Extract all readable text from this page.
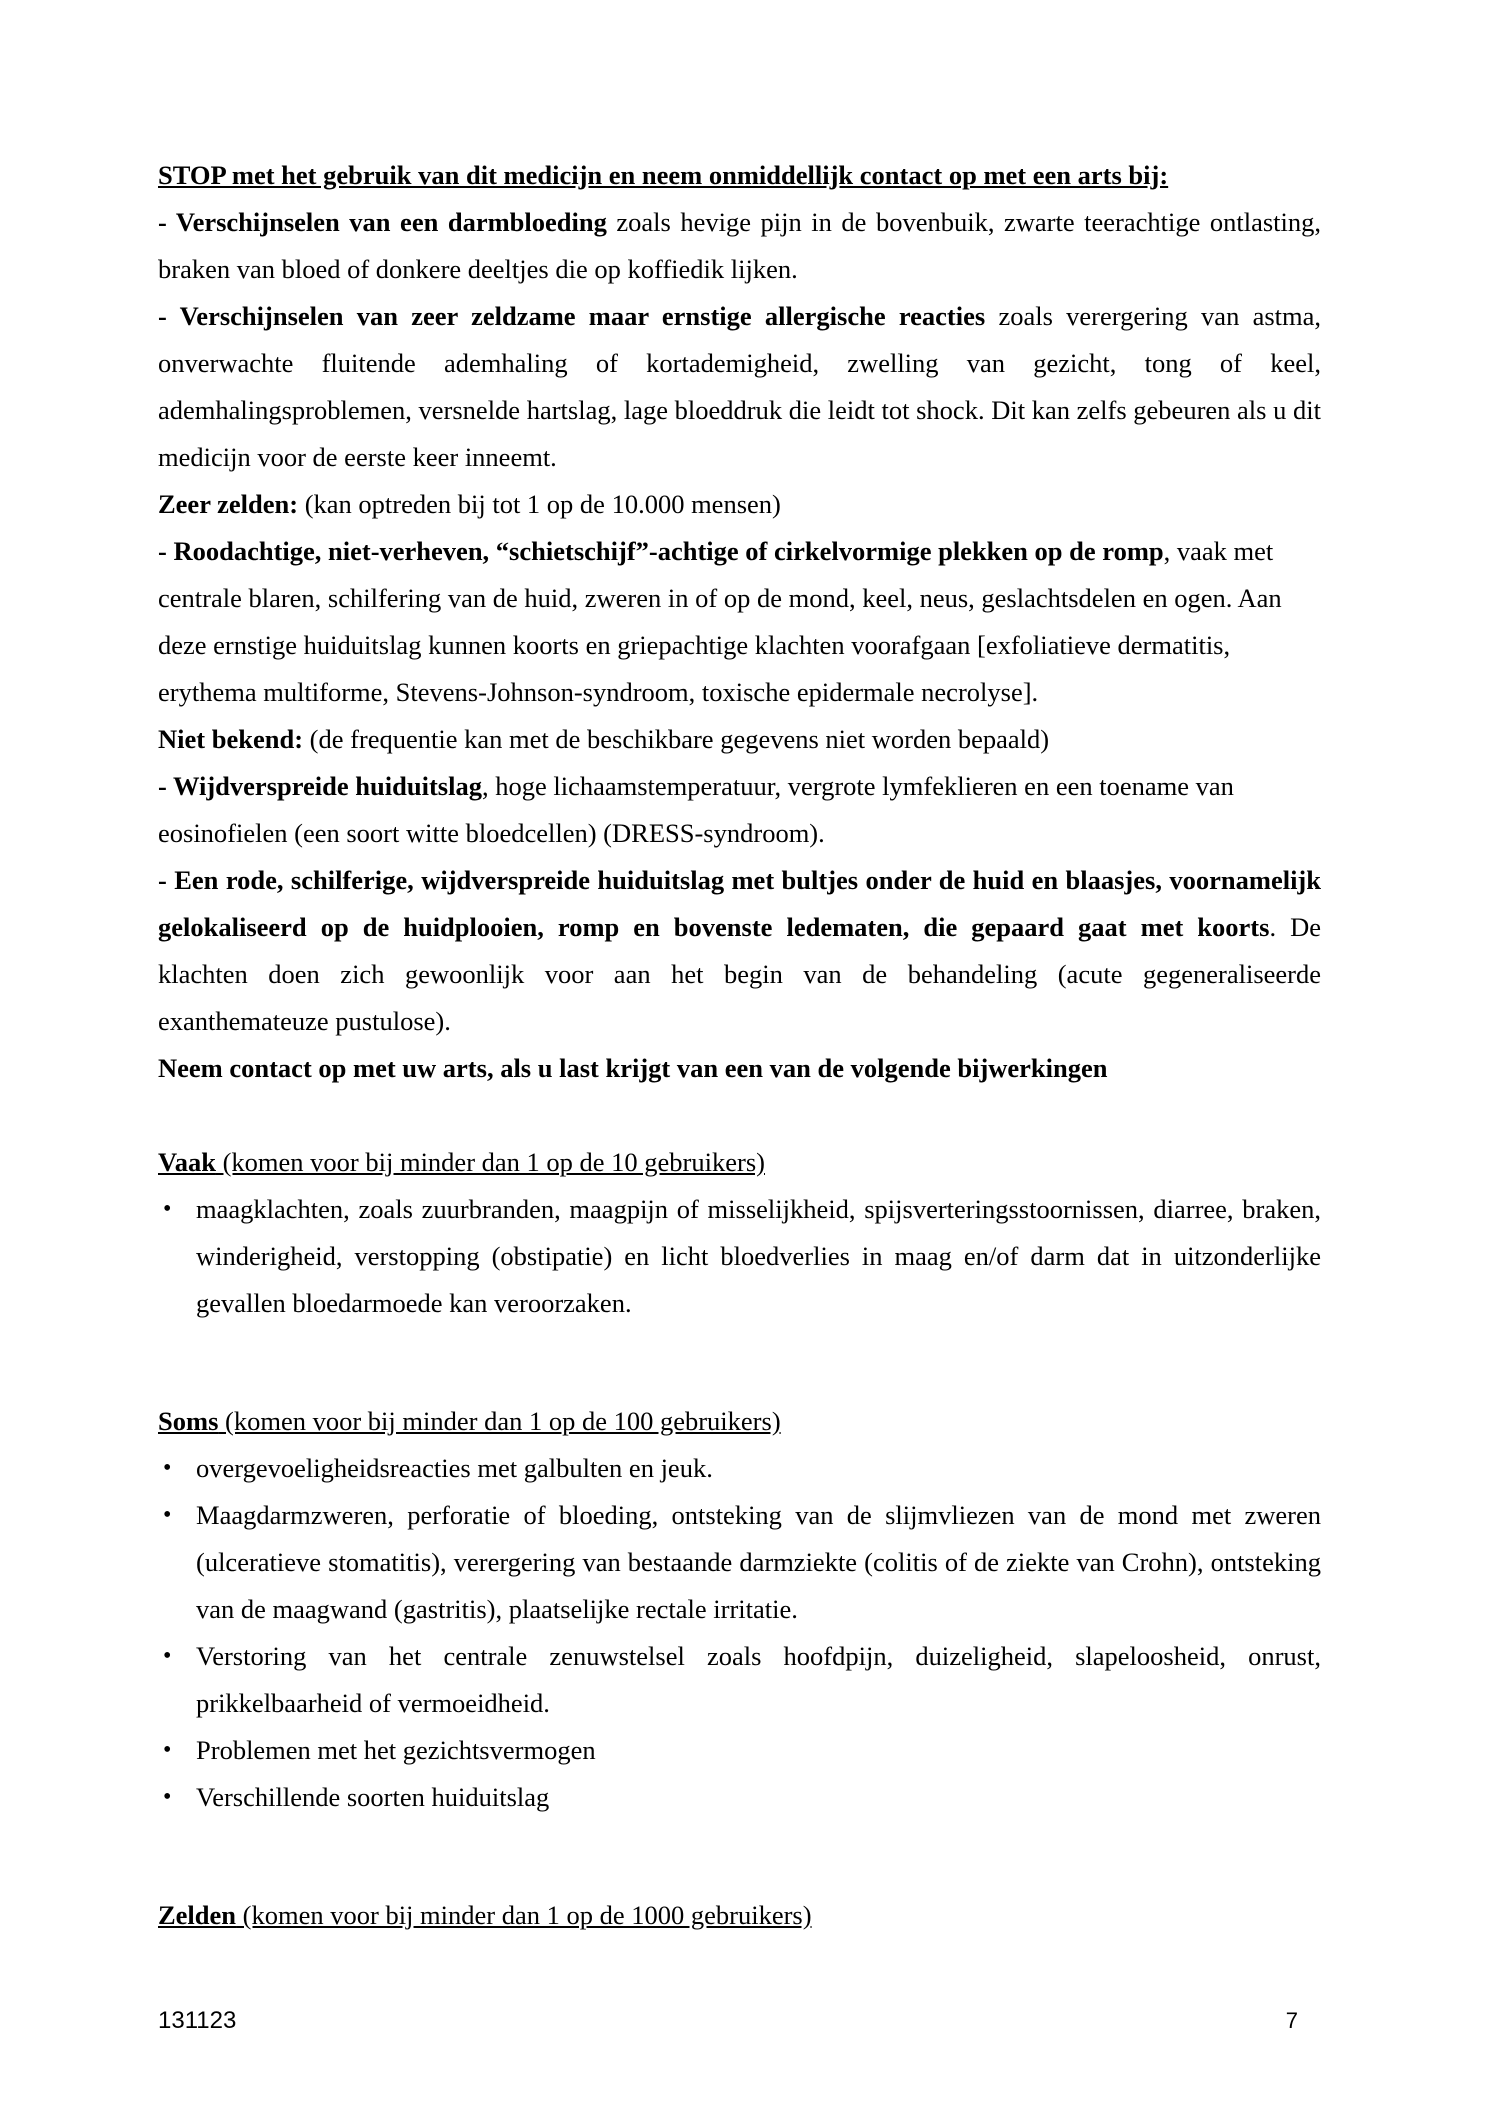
STOP met het gebruik van dit medicijn en neem onmiddellijk contact op met een arts bij:

- Verschijnselen van een darmbloeding zoals hevige pijn in de bovenbuik, zwarte teerachtige ontlasting, braken van bloed of donkere deeltjes die op koffiedik lijken.

- Verschijnselen van zeer zeldzame maar ernstige allergische reacties zoals verergering van astma, onverwachte fluitende ademhaling of kortademigheid, zwelling van gezicht, tong of keel, ademhalingsproblemen, versnelde hartslag, lage bloeddruk die leidt tot shock. Dit kan zelfs gebeuren als u dit medicijn voor de eerste keer inneemt.

Zeer zelden: (kan optreden bij tot 1 op de 10.000 mensen)

- Roodachtige, niet-verheven, “schietschijf”-achtige of cirkelvormige plekken op de romp, vaak met centrale blaren, schilfering van de huid, zweren in of op de mond, keel, neus, geslachtsdelen en ogen. Aan deze ernstige huiduitslag kunnen koorts en griepachtige klachten voorafgaan [exfoliatieve dermatitis, erythema multiforme, Stevens-Johnson-syndroom, toxische epidermale necrolyse].

Niet bekend: (de frequentie kan met de beschikbare gegevens niet worden bepaald)

- Wijdverspreide huiduitslag, hoge lichaamstemperatuur, vergrote lymfeklieren en een toename van eosinofielen (een soort witte bloedcellen) (DRESS-syndroom).

- Een rode, schilferige, wijdverspreide huiduitslag met bultjes onder de huid en blaasjes, voornamelijk gelokaliseerd op de huidplooien, romp en bovenste ledematen, die gepaard gaat met koorts. De klachten doen zich gewoonlijk voor aan het begin van de behandeling (acute gegeneraliseerde exanthemateuze pustulose).

Neem contact op met uw arts, als u last krijgt van een van de volgende bijwerkingen

Vaak (komen voor bij minder dan 1 op de 10 gebruikers)

• maagklachten, zoals zuurbranden, maagpijn of misselijkheid, spijsverteringsstoornissen, diarree, braken, winderigheid, verstopping (obstipatie) en licht bloedverlies in maag en/of darm dat in uitzonderlijke gevallen bloedarmoede kan veroorzaken.

Soms (komen voor bij minder dan 1 op de 100 gebruikers)

• overgevoeligheidsreacties met galbulten en jeuk.
• Maagdarmzweren, perforatie of bloeding, ontsteking van de slijmvliezen van de mond met zweren (ulceratieve stomatitis), verergering van bestaande darmziekte (colitis of de ziekte van Crohn), ontsteking van de maagwand (gastritis), plaatselijke rectale irritatie.
• Verstoring van het centrale zenuwstelsel zoals hoofdpijn, duizeligheid, slapeloosheid, onrust, prikkelbaarheid of vermoeidheid.
• Problemen met het gezichtsvermogen
• Verschillende soorten huiduitslag

Zelden (komen voor bij minder dan 1 op de 1000 gebruikers)

131123	7
